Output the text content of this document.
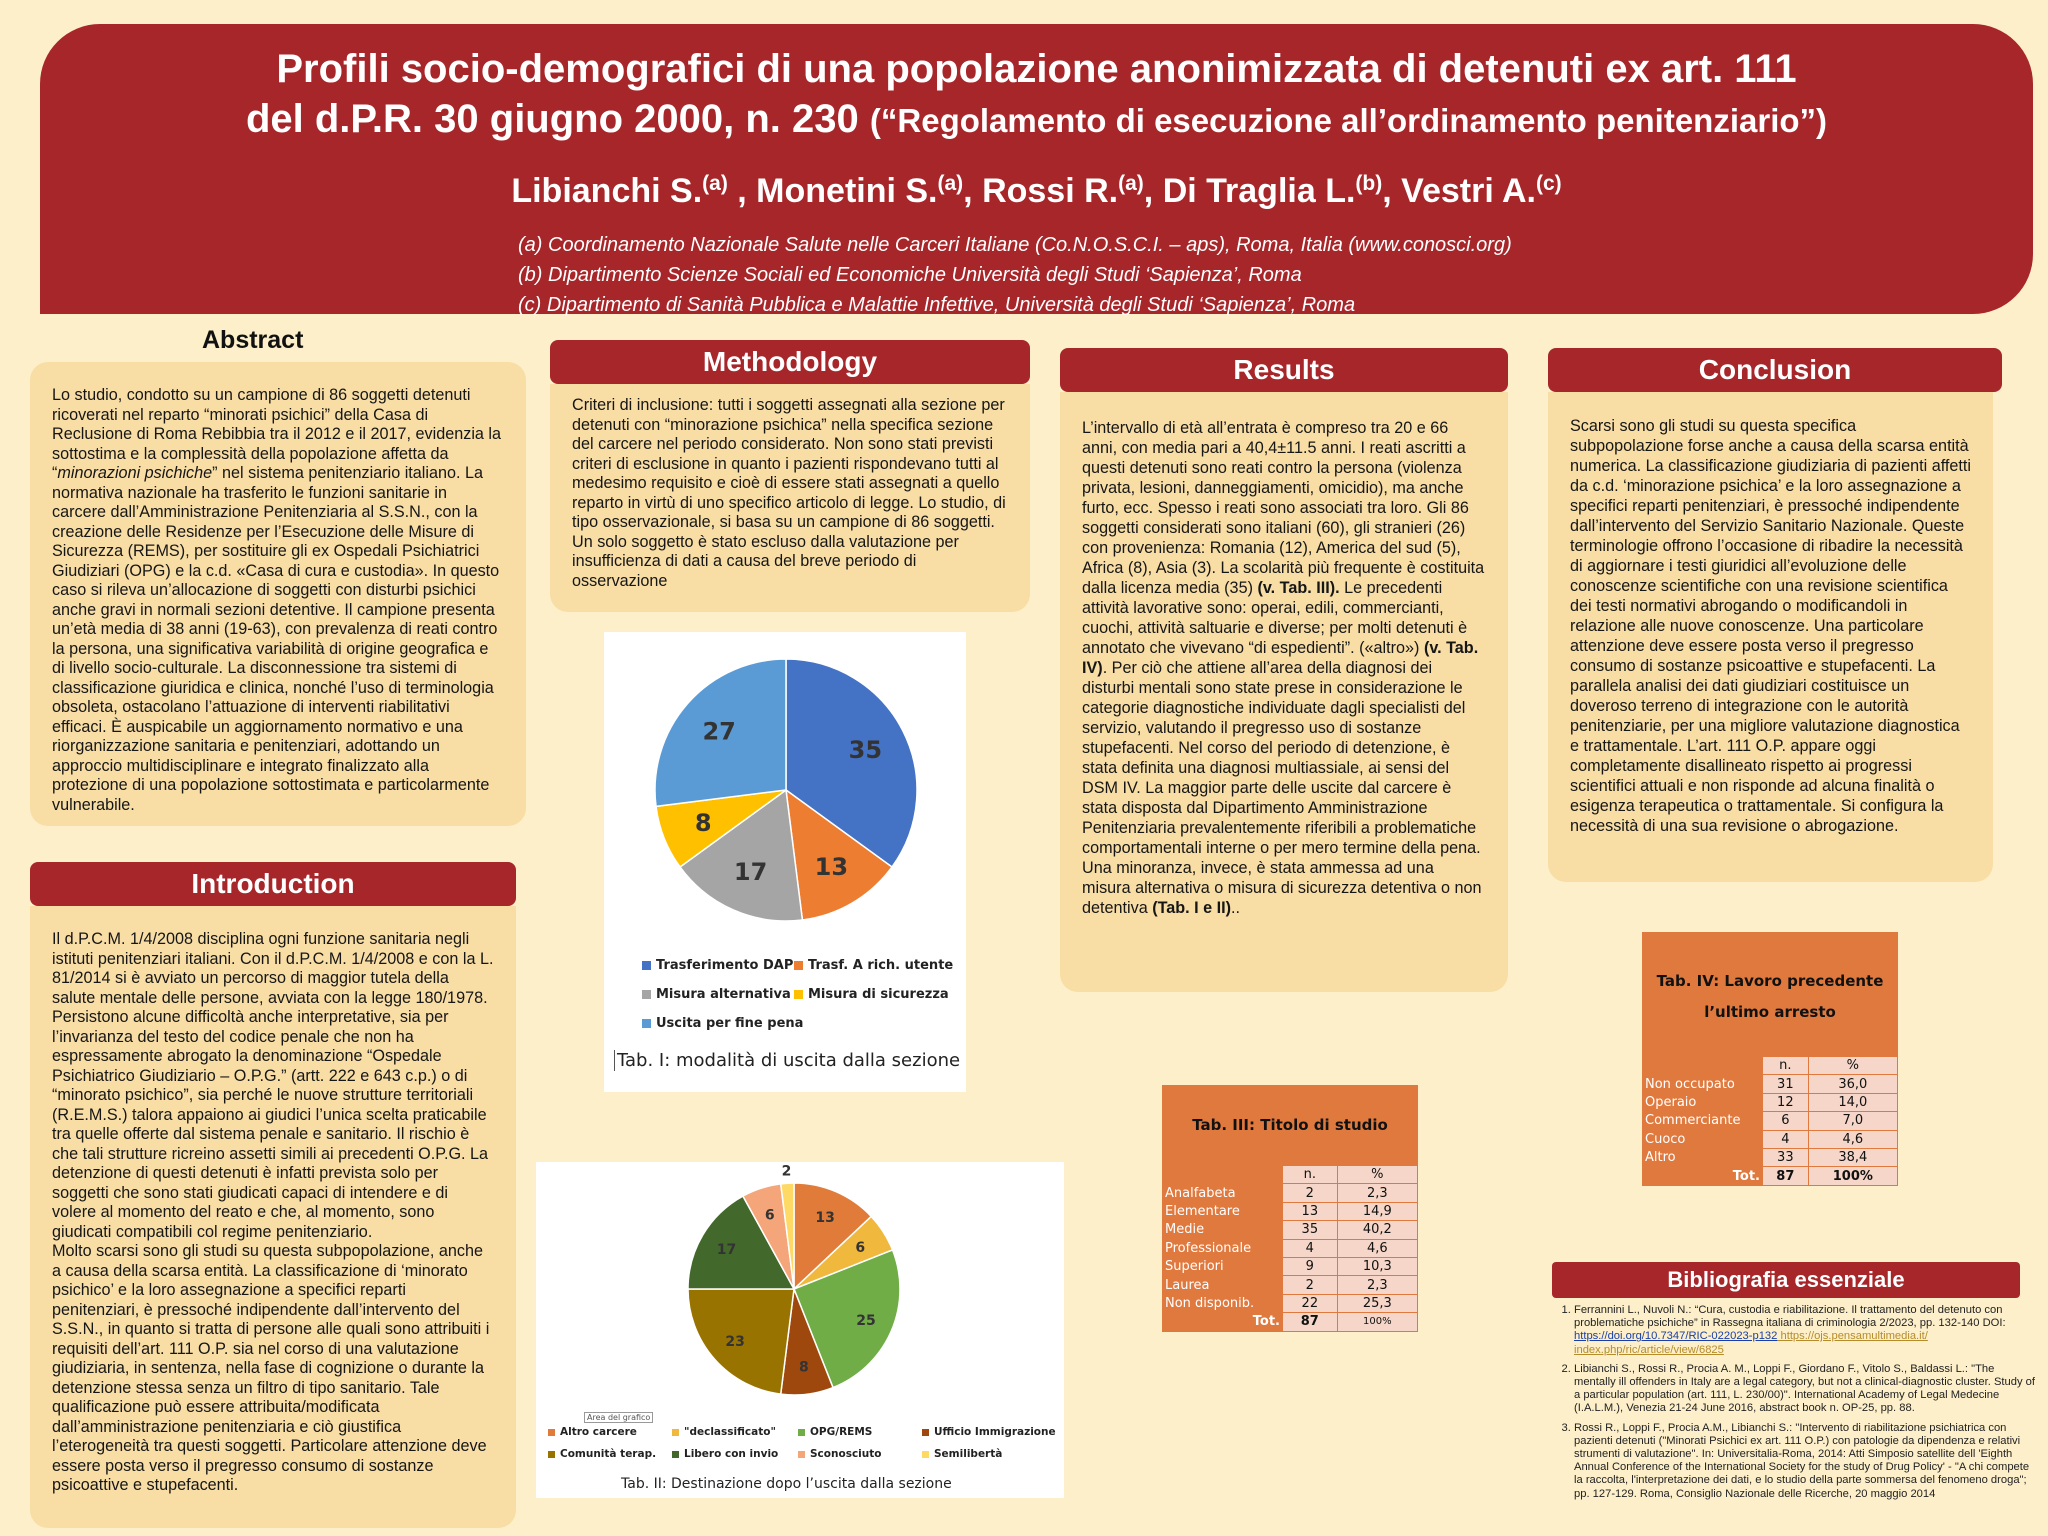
Profili socio-demografici di una popolazione anonimizzata di detenuti ex art. 111
del d.P.R. 30 giugno 2000, n. 230 (“Regolamento di esecuzione all’ordinamento penitenziario”)
Libianchi S.$^{(a)}$ , Monetini S.$^{(a)}$, Rossi R.$^{(a)}$, Di Traglia L.$^{(b)}$, Vestri A.$^{(c)}$
(a) Coordinamento Nazionale Salute nelle Carceri Italiane (Co.N.O.S.C.I. – aps), Roma, Italia (www.conosci.org)
(b) Dipartimento Scienze Sociali ed Economiche Università degli Studi ‘Sapienza’, Roma
(c) Dipartimento di Sanità Pubblica e Malattie Infettive, Università degli Studi ‘Sapienza’, Roma
Abstract
Lo studio, condotto su un campione di 86 soggetti detenuti ricoverati nel reparto “minorati psichici” della Casa di Reclusione di Roma Rebibbia tra il 2012 e il 2017, evidenzia la sottostima e la complessità della popolazione affetta da “minorazioni psichiche” nel sistema penitenziario italiano. La normativa nazionale ha trasferito le funzioni sanitarie in carcere dall’Amministrazione Penitenziaria al S.S.N., con la creazione delle Residenze per l’Esecuzione delle Misure di Sicurezza (REMS), per sostituire gli ex Ospedali Psichiatrici Giudiziari (OPG) e la c.d. «Casa di cura e custodia». In questo caso si rileva un’allocazione di soggetti con disturbi psichici anche gravi in normali sezioni detentive. Il campione presenta un’età media di 38 anni (19-63), con prevalenza di reati contro la persona, una significativa variabilità di origine geografica e di livello socio-culturale. La disconnessione tra sistemi di classificazione giuridica e clinica, nonché l’uso di terminologia obsoleta, ostacolano l’attuazione di interventi riabilitativi efficaci. È auspicabile un aggiornamento normativo e una riorganizzazione sanitaria e penitenziari, adottando un approccio multidisciplinare e integrato finalizzato alla protezione di una popolazione sottostimata e particolarmente vulnerabile.
Introduction
Il d.P.C.M. 1/4/2008 disciplina ogni funzione sanitaria negli istituti penitenziari italiani. Con il d.P.C.M. 1/4/2008 e con la L. 81/2014 si è avviato un percorso di maggior tutela della salute mentale delle persone, avviata con la legge 180/1978. Persistono alcune difficoltà anche interpretative, sia per l’invarianza del testo del codice penale che non ha espressamente abrogato la denominazione “Ospedale Psichiatrico Giudiziario – O.P.G.” (artt. 222 e 643 c.p.) o di “minorato psichico”, sia perché le nuove strutture territoriali (R.E.M.S.) talora appaiono ai giudici l’unica scelta praticabile tra quelle offerte dal sistema penale e sanitario. Il rischio è che tali strutture ricreino assetti simili ai precedenti O.P.G. La detenzione di questi detenuti è infatti prevista solo per soggetti che sono stati giudicati capaci di intendere e di volere al momento del reato e che, al momento, sono giudicati compatibili col regime penitenziario.
Molto scarsi sono gli studi su questa subpopolazione, anche a causa della scarsa entità. La classificazione di ‘minorato psichico’ e la loro assegnazione a specifici reparti penitenziari, è pressoché indipendente dall’intervento del S.S.N., in quanto si tratta di persone alle quali sono attribuiti i requisiti dell’art. 111 O.P. sia nel corso di una valutazione giudiziaria, in sentenza, nella fase di cognizione o durante la detenzione stessa senza un filtro di tipo sanitario. Tale qualificazione può essere attribuita/modificata dall’amministrazione penitenziaria e ciò giustifica l’eterogeneità tra questi soggetti. Particolare attenzione deve essere posta verso il pregresso consumo di sostanze psicoattive e stupefacenti.
Methodology
Criteri di inclusione: tutti i soggetti assegnati alla sezione per detenuti con “minorazione psichica” nella specifica sezione del carcere nel periodo considerato. Non sono stati previsti criteri di esclusione in quanto i pazienti rispondevano tutti al medesimo requisito e cioè di essere stati assegnati a quello reparto in virtù di uno specifico articolo di legge. Lo studio, di tipo osservazionale, si basa su un campione di 86 soggetti. Un solo soggetto è stato escluso dalla valutazione per insufficienza di dati a causa del breve periodo di osservazione
35
13
17
8
27
Trasferimento DAP Trasf. A rich. utente
Misura alternativa Misura di sicurezza
Uscita per fine pena
Tab. I: modalità di uscita dalla sezione
13
6
25
8
23
17
6
2
Area del grafico
Altro carcere	"declassificato"	OPG/REMS	Ufficio Immigrazione
Comunità terap.	Libero con invio	Sconosciuto	Semilibertà
Tab. II: Destinazione dopo l’uscita dalla sezione
Results
L’intervallo di età all’entrata è compreso tra 20 e 66 anni, con media pari a 40,4±11.5 anni. I reati ascritti a questi detenuti sono reati contro la persona (violenza privata, lesioni, danneggiamenti, omicidio), ma anche furto, ecc. Spesso i reati sono associati tra loro. Gli 86 soggetti considerati sono italiani (60), gli stranieri (26) con provenienza: Romania (12), America del sud (5), Africa (8), Asia (3). La scolarità più frequente è costituita dalla licenza media (35) (v. Tab. III). Le precedenti attività lavorative sono: operai, edili, commercianti, cuochi, attività saltuarie e diverse; per molti detenuti è annotato che vivevano “di espedienti”. («altro») (v. Tab. IV). Per ciò che attiene all’area della diagnosi dei disturbi mentali sono state prese in considerazione le categorie diagnostiche individuate dagli specialisti del servizio, valutando il pregresso uso di sostanze stupefacenti. Nel corso del periodo di detenzione, è stata definita una diagnosi multiassiale, ai sensi del DSM IV. La maggior parte delle uscite dal carcere è stata disposta dal Dipartimento Amministrazione Penitenziaria prevalentemente riferibili a problematiche comportamentali interne o per mero termine della pena. Una minoranza, invece, è stata ammessa ad una misura alternativa o misura di sicurezza detentiva o non detentiva (Tab. I e II)..
Conclusion
Scarsi sono gli studi su questa specifica subpopolazione forse anche a causa della scarsa entità numerica. La classificazione giudiziaria di pazienti affetti da c.d. ‘minorazione psichica’ e la loro assegnazione a specifici reparti penitenziari, è pressoché indipendente dall’intervento del Servizio Sanitario Nazionale. Queste terminologie offrono l’occasione di ribadire la necessità di aggiornare i testi giuridici all’evoluzione delle conoscenze scientifiche con una revisione scientifica dei testi normativi abrogando o modificandoli in relazione alle nuove conoscenze. Una particolare attenzione deve essere posta verso il pregresso consumo di sostanze psicoattive e stupefacenti. La parallela analisi dei dati giudiziari costituisce un doveroso terreno di integrazione con le autorità penitenziarie, per una migliore valutazione diagnostica e trattamentale. L’art. 111 O.P. appare oggi completamente disallineato rispetto ai progressi scientifici attuali e non risponde ad alcuna finalità o esigenza terapeutica o trattamentale. Si configura la necessità di una sua revisione o abrogazione.
Tab. III: Titolo di studio
	n.	%
Analfabeta	2	2,3
Elementare	13	14,9
Medie	35	40,2
Professionale	4	4,6
Superiori	9	10,3
Laurea	2	2,3
Non disponib.	22	25,3
Tot.	87	100%
Tab. IV: Lavoro precedente
l’ultimo arresto
	n.	%
Non occupato	31	36,0
Operaio	12	14,0
Commerciante	6	7,0
Cuoco	4	4,6
Altro	33	38,4
Tot.	87	100%
Bibliografia essenziale
1. Ferrannini L., Nuvoli N.: “Cura, custodia e riabilitazione. Il trattamento del detenuto con problematiche psichiche” in Rassegna italiana di criminologia 2/2023, pp. 132-140 DOI: https://doi.org/10.7347/RIC-022023-p132 https://ojs.pensamultimedia.it/ index.php/ric/article/view/6825
2. Libianchi S., Rossi R., Procia A. M., Loppi F., Giordano F., Vitolo S., Baldassi L.: "The mentally ill offenders in Italy are a legal category, but not a clinical-diagnostic cluster. Study of a particular population (art. 111, L. 230/00)". International Academy of Legal Medecine (I.A.L.M.), Venezia 21-24 June 2016, abstract book n. OP-25, pp. 88.
3. Rossi R., Loppi F., Procia A.M., Libianchi S.: "Intervento di riabilitazione psichiatrica con pazienti detenuti ("Minorati Psichici ex art. 111 O.P.) con patologie da dipendenza e relativi strumenti di valutazione". In: Universitalia-Roma, 2014: Atti Simposio satellite dell 'Eighth Annual Conference of the International Society for the study of Drug Policy' - "A chi compete la raccolta, l'interpretazione dei dati, e lo studio della parte sommersa del fenomeno droga"; pp. 127-129. Roma, Consiglio Nazionale delle Ricerche, 20 maggio 2014
